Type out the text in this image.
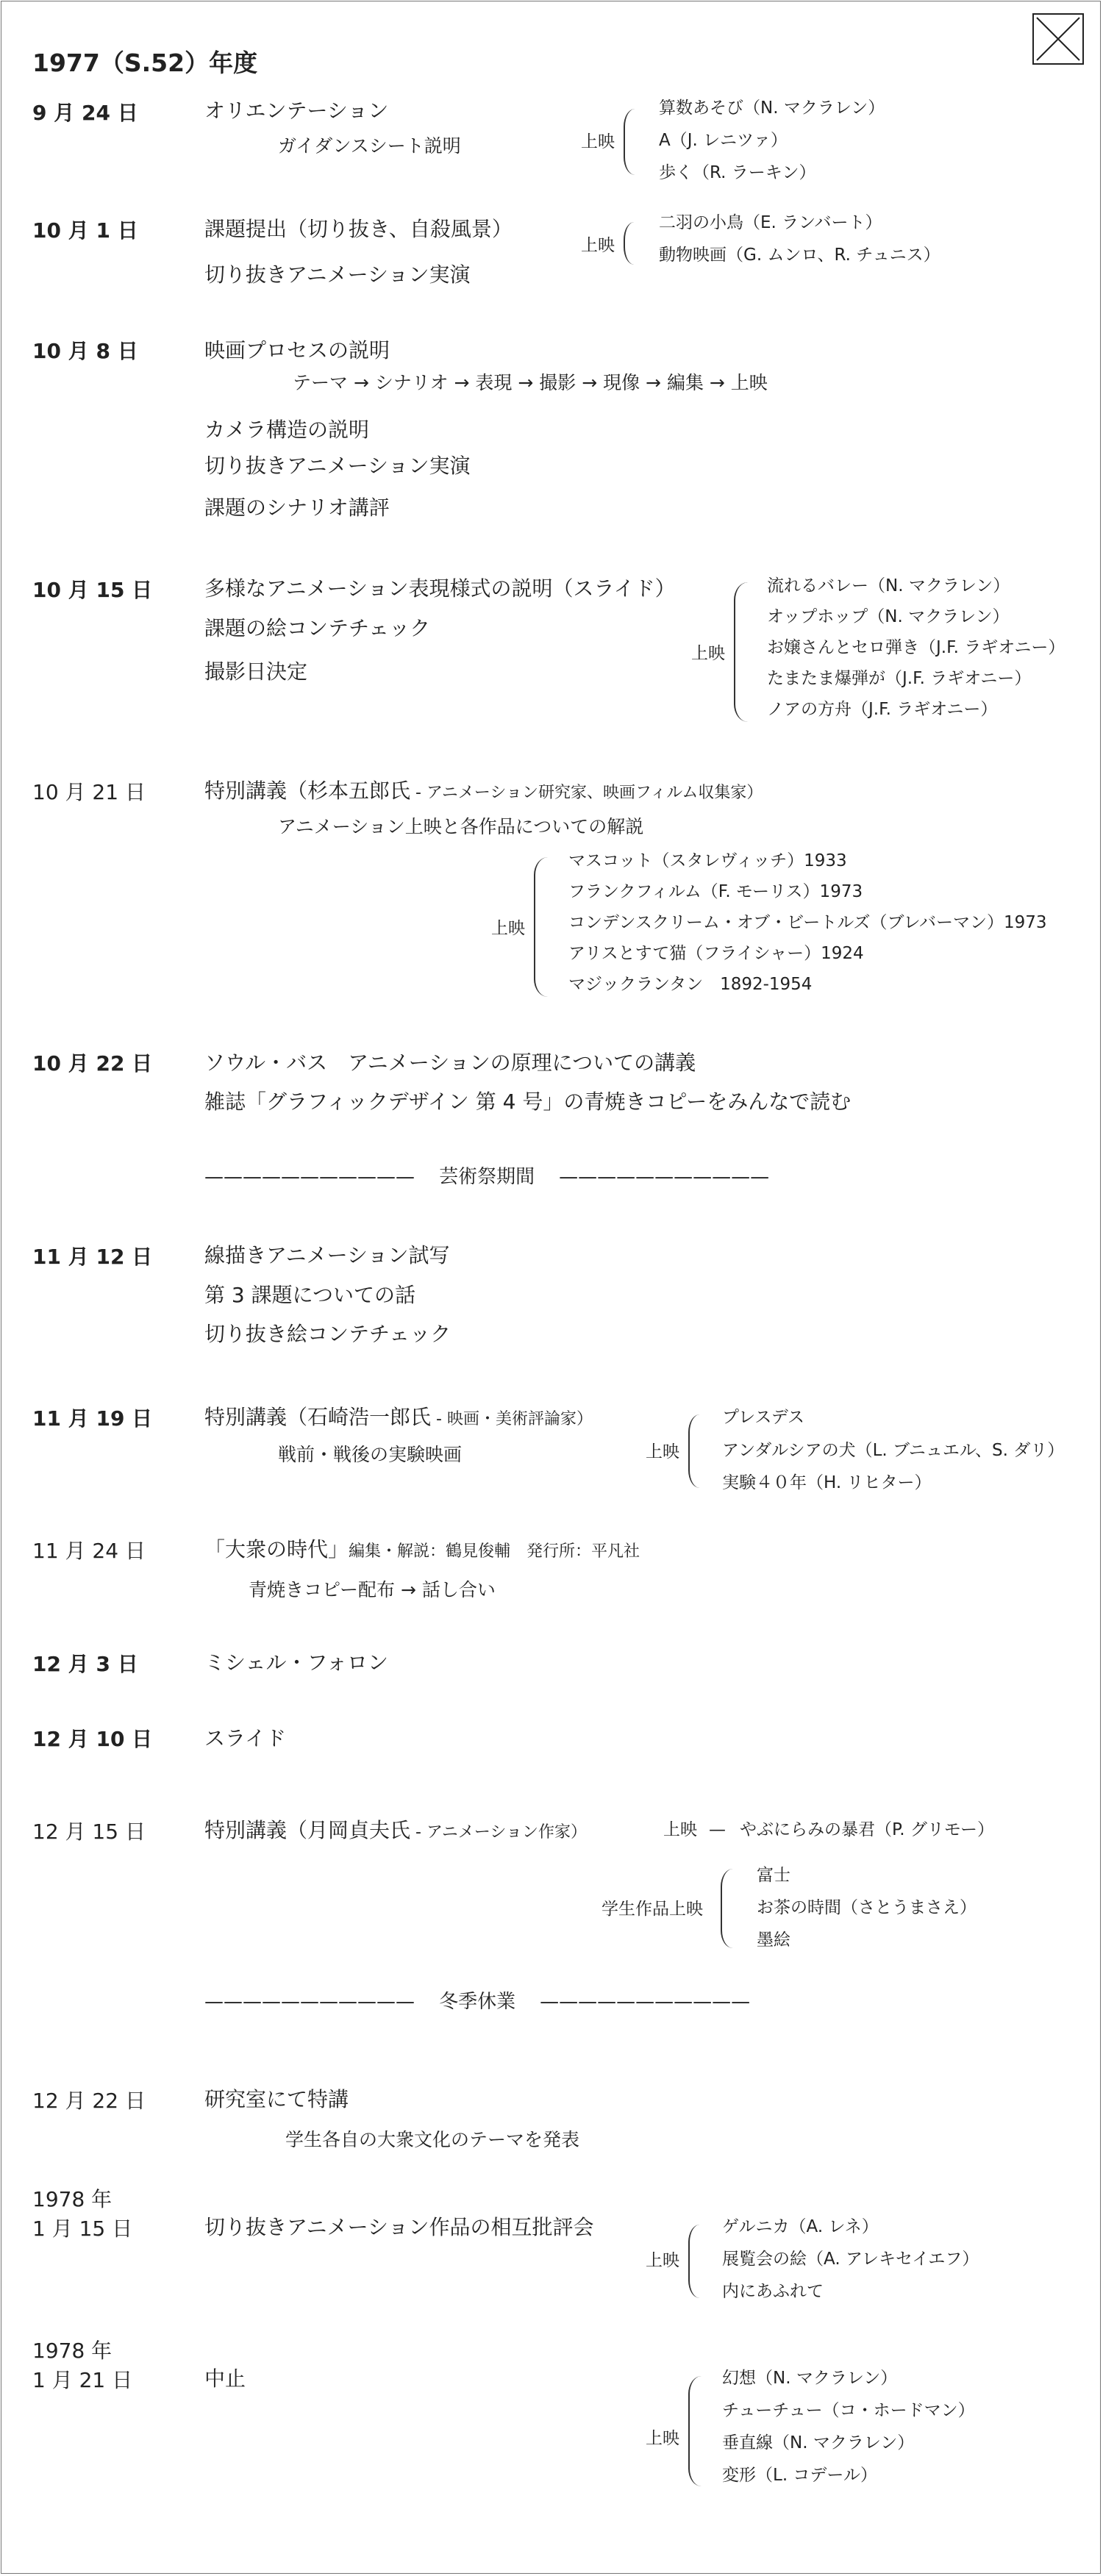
1977（S.52）年度
9 月 24 日	オリエンテーション
ガイダンスシート説明	上映
算数あそび（N. マクラレン）
A（J. レニツァ）
歩く（R. ラーキン）
10 月 1 日	課題提出（切り抜き、自殺風景）
切り抜きアニメーション実演
上映
二羽の小鳥（E. ランバート）
動物映画（G. ムンロ、R. チュニス）
10 月 8 日	映画プロセスの説明
テーマ → シナリオ → 表現 → 撮影 → 現像 → 編集 → 上映
カメラ構造の説明
切り抜きアニメーション実演
課題のシナリオ講評
10 月 15 日	多様なアニメーション表現様式の説明（スライド）
課題の絵コンテチェック
撮影日決定
上映
流れるバレー（N. マクラレン）
オップホップ（N. マクラレン）
お嬢さんとセロ弾き（J.F. ラギオニー）
たまたま爆弾が（J.F. ラギオニー）
ノアの方舟（J.F. ラギオニー）
10 月 21 日	特別講義（杉本五郎氏 - アニメーション研究家、映画フィルム収集家）
アニメーション上映と各作品についての解説
上映
マスコット（スタレヴィッチ）1933
フランクフィルム（F. モーリス）1973
コンデンスクリーム・オブ・ビートルズ（ブレバーマン）1973
アリスとすて猫（フライシャー）1924
マジックランタン　1892-1954
10 月 22 日	ソウル・バス　アニメーションの原理についての講義
雑誌「グラフィックデザイン 第 4 号」の青焼きコピーをみんなで読む
——————————— 芸術祭期間 ———————————
11 月 12 日	線描きアニメーション試写
第 3 課題についての話
切り抜き絵コンテチェック
11 月 19 日	特別講義（石崎浩一郎氏 - 映画・美術評論家）
戦前・戦後の実験映画	上映
プレスデス
アンダルシアの犬（L. ブニュエル、S. ダリ）
実験４０年（H. リヒター）
11 月 24 日	「大衆の時代」編集・解説：鶴見俊輔　発行所：平凡社
青焼きコピー配布 → 話し合い
12 月 3 日	ミシェル・フォロン
12 月 10 日	スライド
12 月 15 日	特別講義（月岡貞夫氏 - アニメーション作家）	上映 — やぶにらみの暴君（P. グリモー）
学生作品上映
富士
お茶の時間（さとうまさえ）
墨絵
——————————— 冬季休業 ———————————
12 月 22 日	研究室にて特講
学生各自の大衆文化のテーマを発表
1978 年
1 月 15 日	切り抜きアニメーション作品の相互批評会
上映
ゲルニカ（A. レネ）
展覧会の絵（A. アレキセイエフ）
内にあふれて
1978 年
1 月 21 日	中止
上映
幻想（N. マクラレン）
チューチュー（コ・ホードマン）
垂直線（N. マクラレン）
変形（L. コデール）
